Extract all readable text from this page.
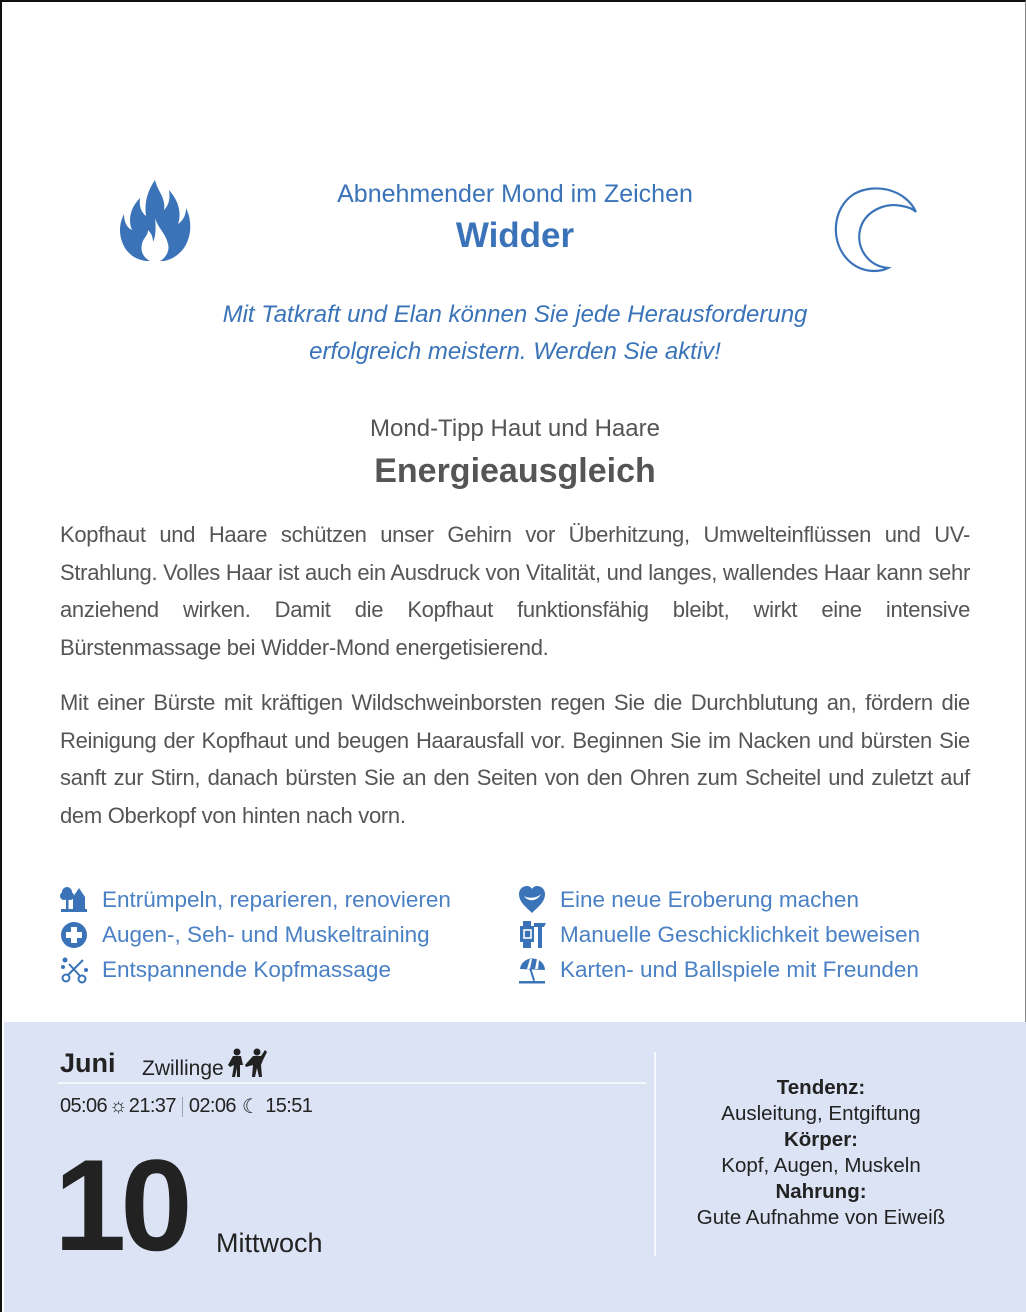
Abnehmender Mond im Zeichen
Widder
Mit Tatkraft und Elan können Sie jede Herausforderung
erfolgreich meistern. Werden Sie aktiv!
Mond-Tipp Haut und Haare
Energieausgleich

Kopfhaut und Haare schützen unser Gehirn vor Überhitzung, Umwelteinflüssen und UV-Strahlung. Volles Haar ist auch ein Ausdruck von Vitalität, und langes, wallendes Haar kann sehr anziehend wirken. Damit die Kopfhaut funktionsfähig bleibt, wirkt eine intensive Bürstenmassage bei Widder-Mond energetisierend.

Mit einer Bürste mit kräftigen Wildschweinborsten regen Sie die Durchblutung an, fördern die Reinigung der Kopfhaut und beugen Haarausfall vor. Beginnen Sie im Nacken und bürsten Sie sanft zur Stirn, danach bürsten Sie an den Seiten von den Ohren zum Scheitel und zuletzt auf dem Oberkopf von hinten nach vorn.

Entrümpeln, reparieren, renovieren
Augen-, Seh- und Muskeltraining
Entspannende Kopfmassage
Eine neue Eroberung machen
Manuelle Geschicklichkeit beweisen
Karten- und Ballspiele mit Freunden
Juni Zwillinge
05:06 ☼ 21:37 02:06 ☾ 15:51
10 Mittwoch
Tendenz:
Ausleitung, Entgiftung
Körper:
Kopf, Augen, Muskeln
Nahrung:
Gute Aufnahme von Eiweiß
